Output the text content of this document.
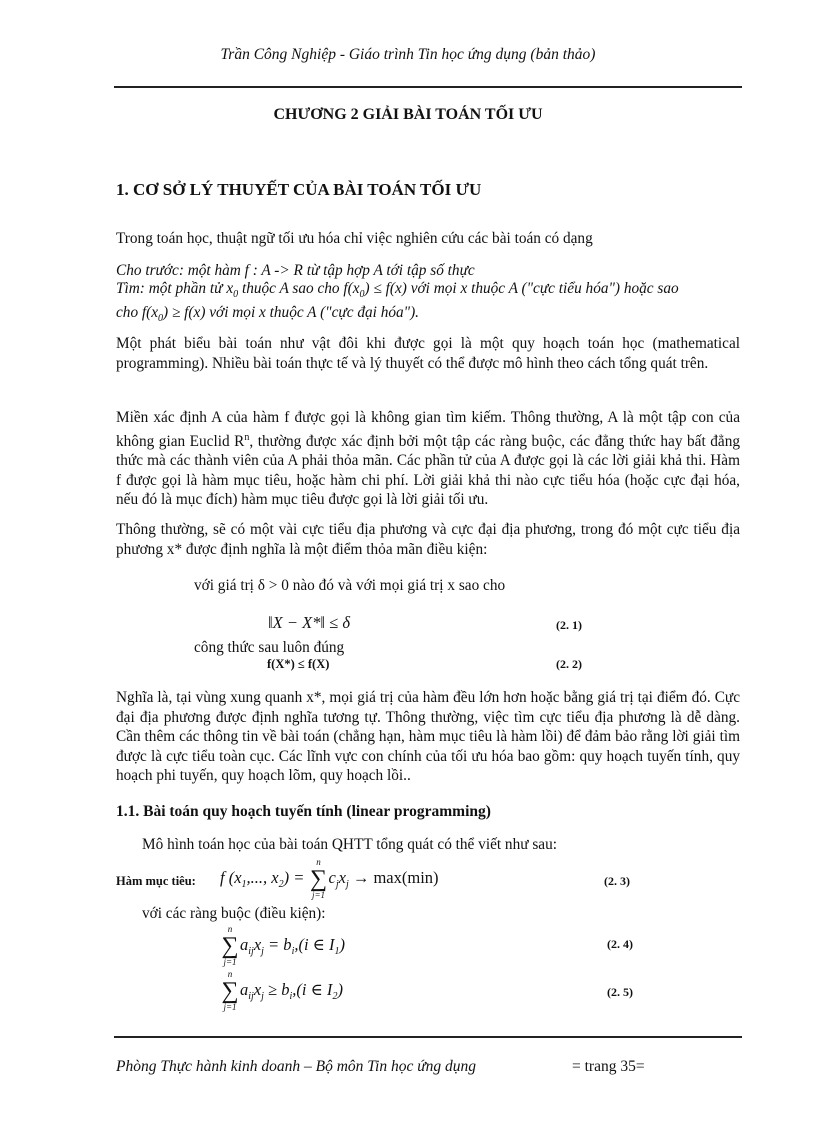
Trần Công Nghiệp - Giáo trình Tin học ứng dụng (bản thảo)
CHƯƠNG 2 GIẢI BÀI TOÁN TỐI ƯU
1. CƠ SỞ LÝ THUYẾT CỦA BÀI TOÁN TỐI ƯU
Trong toán học, thuật ngữ tối ưu hóa chỉ việc nghiên cứu các bài toán có dạng
Cho trước: một hàm f : A -> R từ tập hợp A tới tập số thực
Tìm: một phần tử $x_0$ thuộc A sao cho $f(x_0) \le f(x)$ với mọi x thuộc A ("cực tiểu hóa") hoặc sao
cho $f(x_0) \ge f(x)$ với mọi x thuộc A ("cực đại hóa").

Một phát biểu bài toán như vật đôi khi được gọi là một quy hoạch toán học (mathematical programming). Nhiều bài toán thực tế và lý thuyết có thể được mô hình theo cách tổng quát trên.

Miền xác định A của hàm f được gọi là không gian tìm kiếm. Thông thường, A là một tập con của không gian Euclid $R^n$, thường được xác định bởi một tập các ràng buộc, các đẳng thức hay bất đẳng thức mà các thành viên của A phải thỏa mãn. Các phần tử của A được gọi là các lời giải khả thi. Hàm f được gọi là hàm mục tiêu, hoặc hàm chi phí. Lời giải khả thi nào cực tiểu hóa (hoặc cực đại hóa, nếu đó là mục đích) hàm mục tiêu được gọi là lời giải tối ưu.

Thông thường, sẽ có một vài cực tiểu địa phương và cực đại địa phương, trong đó một cực tiểu địa phương x* được định nghĩa là một điểm thỏa mãn điều kiện:

với giá trị δ > 0 nào đó và với mọi giá trị x sao cho
‖X − X*‖ ≤ δ	(2. 1)
công thức sau luôn đúng
f(X*) ≤ f(X)	(2. 2)

Nghĩa là, tại vùng xung quanh x*, mọi giá trị của hàm đều lớn hơn hoặc bằng giá trị tại điểm đó. Cực đại địa phương được định nghĩa tương tự. Thông thường, việc tìm cực tiểu địa phương là dễ dàng. Cần thêm các thông tin về bài toán (chẳng hạn, hàm mục tiêu là hàm lồi) để đảm bảo rằng lời giải tìm được là cực tiểu toàn cục. Các lĩnh vực con chính của tối ưu hóa bao gồm: quy hoạch tuyến tính, quy hoạch phi tuyến, quy hoạch lõm, quy hoạch lồi..

1.1. Bài toán quy hoạch tuyến tính (linear programming)
Mô hình toán học của bài toán QHTT tổng quát có thể viết như sau:
Hàm mục tiêu: f ($x_1$,..., $x_2$) =
n
∑
j=1
$c_jx_j \to \max(\min)$	(2. 3)
với các ràng buộc (điều kiện):
n
∑
j=1
$a_{ij}x_j = b_i,(i$ ∈ $I_1$)	(2. 4)
n
∑
j=1
$a_{ij}x_j \ge b_i,(i$ ∈ $I_2$)	(2. 5)
Phòng Thực hành kinh doanh – Bộ môn Tin học ứng dụng	= trang 35=
